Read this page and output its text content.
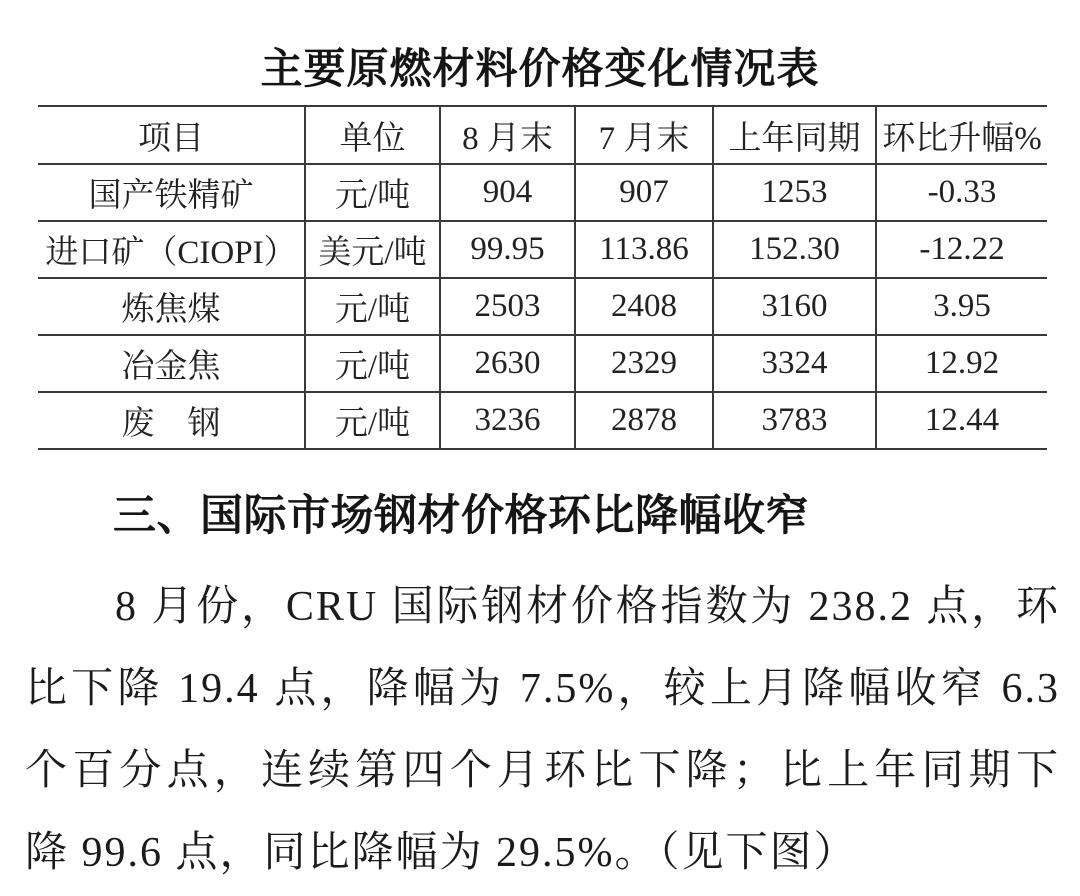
主要原燃材料价格变化情况表
项目	单位	8 月末	7 月末	上年同期	环比升幅%
国产铁精矿	元/吨	904	907	1253	-0.33
进口矿（CIOPI）	美元/吨	99.95	113.86	152.30	-12.22
炼焦煤	元/吨	2503	2408	3160	3.95
冶金焦	元/吨	2630	2329	3324	12.92
废　钢	元/吨	3236	2878	3783	12.44
三、国际市场钢材价格环比降幅收窄
8 月份，CRU 国际钢材价格指数为 238.2 点，环
比下降 19.4 点，降幅为 7.5%，较上月降幅收窄 6.3
个百分点，连续第四个月环比下降；比上年同期下
降 99.6 点，同比降幅为 29.5%。（见下图）
